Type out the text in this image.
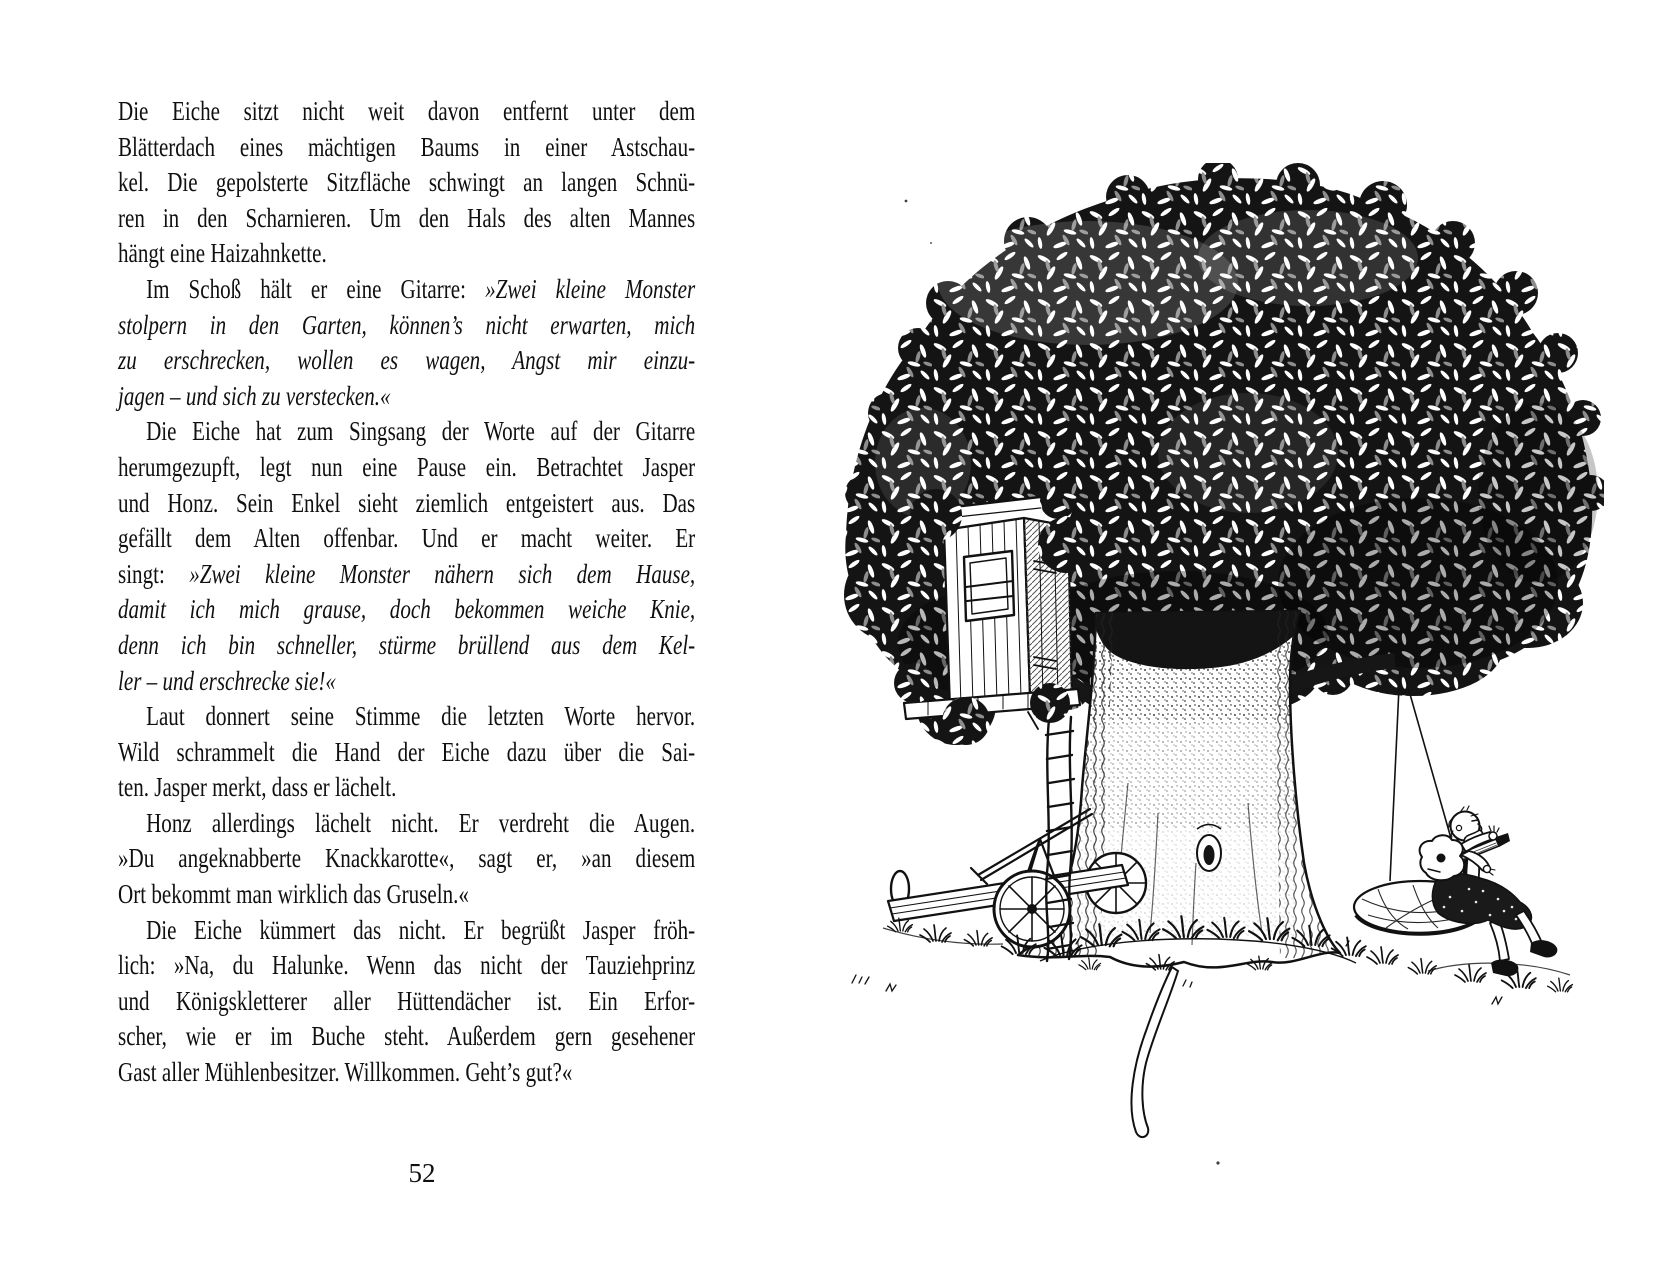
Die Eiche sitzt nicht weit davon entfernt unter dem
Blätterdach eines mächtigen Baums in einer Astschau-
kel. Die gepolsterte Sitzfläche schwingt an langen Schnü-
ren in den Scharnieren. Um den Hals des alten Mannes
hängt eine Haizahnkette.
Im Schoß hält er eine Gitarre: »Zwei kleine Monster
stolpern in den Garten, können’s nicht erwarten, mich
zu erschrecken, wollen es wagen, Angst mir einzu-
jagen – und sich zu verstecken.«
Die Eiche hat zum Singsang der Worte auf der Gitarre
herumgezupft, legt nun eine Pause ein. Betrachtet Jasper
und Honz. Sein Enkel sieht ziemlich entgeistert aus. Das
gefällt dem Alten offenbar. Und er macht weiter. Er
singt: »Zwei kleine Monster nähern sich dem Hause,
damit ich mich grause, doch bekommen weiche Knie,
denn ich bin schneller, stürme brüllend aus dem Kel-
ler – und erschrecke sie!«
Laut donnert seine Stimme die letzten Worte hervor.
Wild schrammelt die Hand der Eiche dazu über die Sai-
ten. Jasper merkt, dass er lächelt.
Honz allerdings lächelt nicht. Er verdreht die Augen.
»Du angeknabberte Knackkarotte«, sagt er, »an diesem
Ort bekommt man wirklich das Gruseln.«
Die Eiche kümmert das nicht. Er begrüßt Jasper fröh-
lich: »Na, du Halunke. Wenn das nicht der Tauziehprinz
und Königskletterer aller Hüttendächer ist. Ein Erfor-
scher, wie er im Buche steht. Außerdem gern gesehener
Gast aller Mühlenbesitzer. Willkommen. Geht’s gut?«
52
